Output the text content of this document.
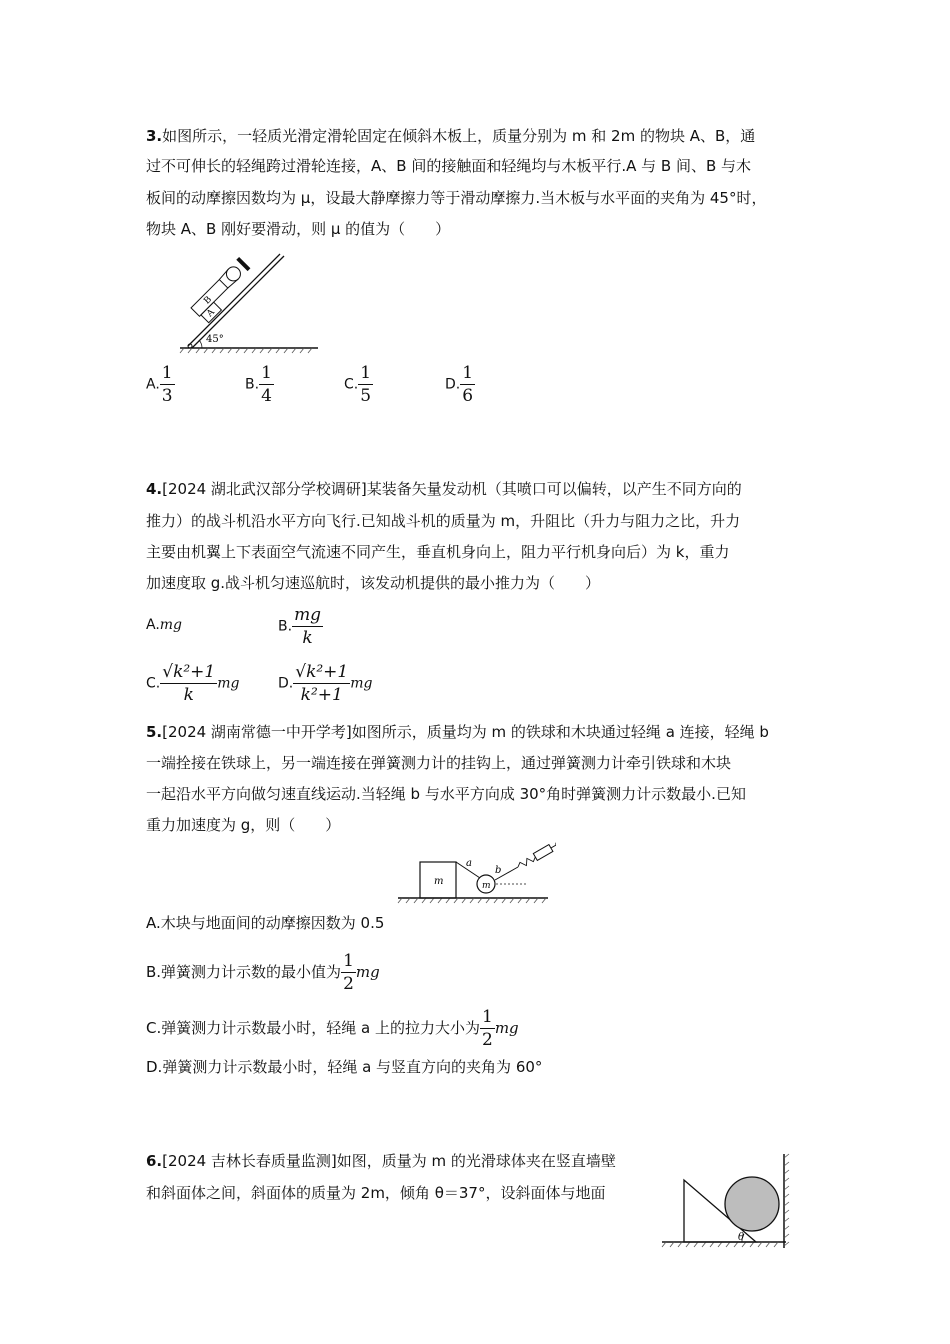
3.如图所示，一轻质光滑定滑轮固定在倾斜木板上，质量分别为 m 和 2m 的物块 A、B，通
过不可伸长的轻绳跨过滑轮连接，A、B 间的接触面和轻绳均与木板平行.A 与 B 间、B 与木
板间的动摩擦因数均为 μ，设最大静摩擦力等于滑动摩擦力.当木板与水平面的夹角为 45°时，
物块 A、B 刚好要滑动，则 μ 的值为（　　）
A
B
45°
A. $\frac{1}{3}$	B. $\frac{1}{4}$	C. $\frac{1}{5}$	D. $\frac{1}{6}$
4.[2024 湖北武汉部分学校调研]某装备矢量发动机（其喷口可以偏转，以产生不同方向的
推力）的战斗机沿水平方向飞行.已知战斗机的质量为 m，升阻比（升力与阻力之比，升力
主要由机翼上下表面空气流速不同产生，垂直机身向上，阻力平行机身向后）为 k，重力
加速度取 g.战斗机匀速巡航时，该发动机提供的最小推力为（　　）
A.mg	B. $\frac{mg}{k}$
C. $\frac{\text{√k²+1}}{k}$ mg	D. $\frac{\text{√k²+1}}{\text{k²+1}}$ mg
5.[2024 湖南常德一中开学考]如图所示，质量均为 m 的铁球和木块通过轻绳 a 连接，轻绳 b
一端拴接在铁球上，另一端连接在弹簧测力计的挂钩上，通过弹簧测力计牵引铁球和木块
一起沿水平方向做匀速直线运动.当轻绳 b 与水平方向成 30°角时弹簧测力计示数最小.已知
重力加速度为 g，则（　　）
m
a
m
b
A.木块与地面间的动摩擦因数为 0.5
B.弹簧测力计示数的最小值为 $\frac{1}{2}$ mg
C.弹簧测力计示数最小时，轻绳 a 上的拉力大小为 $\frac{1}{2}$ mg
D.弹簧测力计示数最小时，轻绳 a 与竖直方向的夹角为 60°
6.[2024 吉林长春质量监测]如图，质量为 m 的光滑球体夹在竖直墙壁
和斜面体之间，斜面体的质量为 2m，倾角 θ＝37°，设斜面体与地面
θ
